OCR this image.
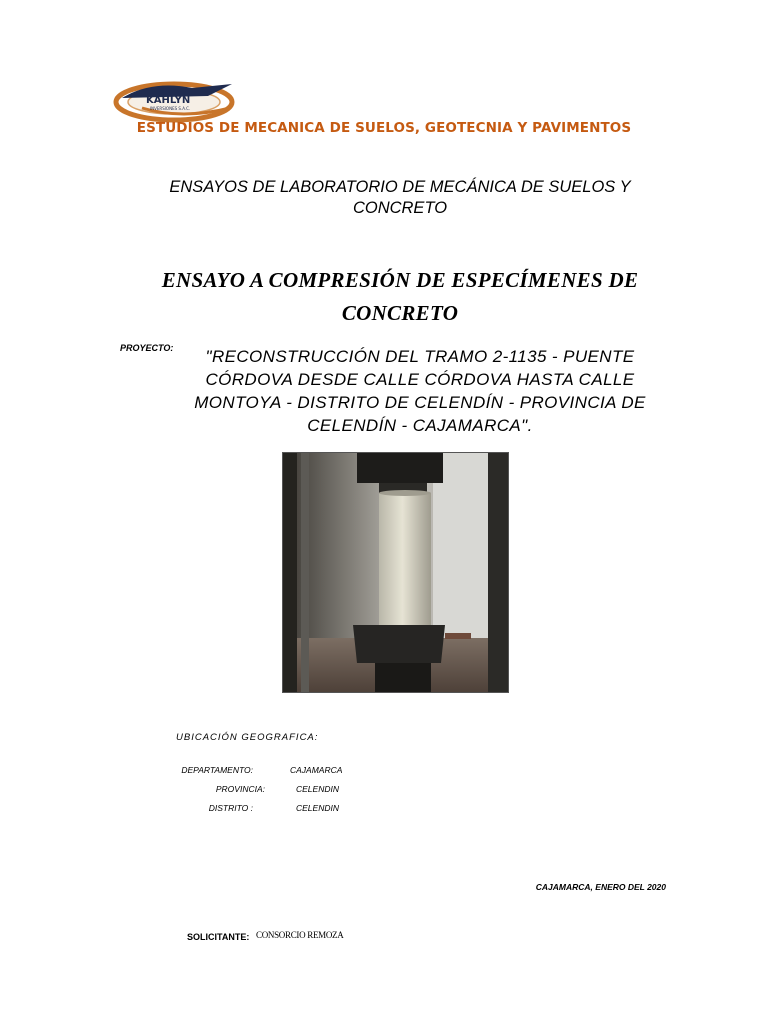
KAHLYN
INVERSIONES S.A.C.
ESTUDIOS DE MECANICA DE SUELOS, GEOTECNIA Y PAVIMENTOS
ENSAYOS DE LABORATORIO DE MECÁNICA DE SUELOS Y
CONCRETO
ENSAYO A COMPRESIÓN DE ESPECÍMENES DE
CONCRETO
PROYECTO:	"RECONSTRUCCIÓN DEL TRAMO 2-1135 - PUENTE
CÓRDOVA DESDE CALLE CÓRDOVA HASTA CALLE
MONTOYA - DISTRITO DE CELENDÍN - PROVINCIA DE
CELENDÍN - CAJAMARCA".
UBICACIÓN GEOGRAFICA:
DEPARTAMENTO:	CAJAMARCA
PROVINCIA:	CELENDIN
DISTRITO :	CELENDIN
CAJAMARCA, ENERO DEL 2020
SOLICITANTE: CONSORCIO REMOZA
